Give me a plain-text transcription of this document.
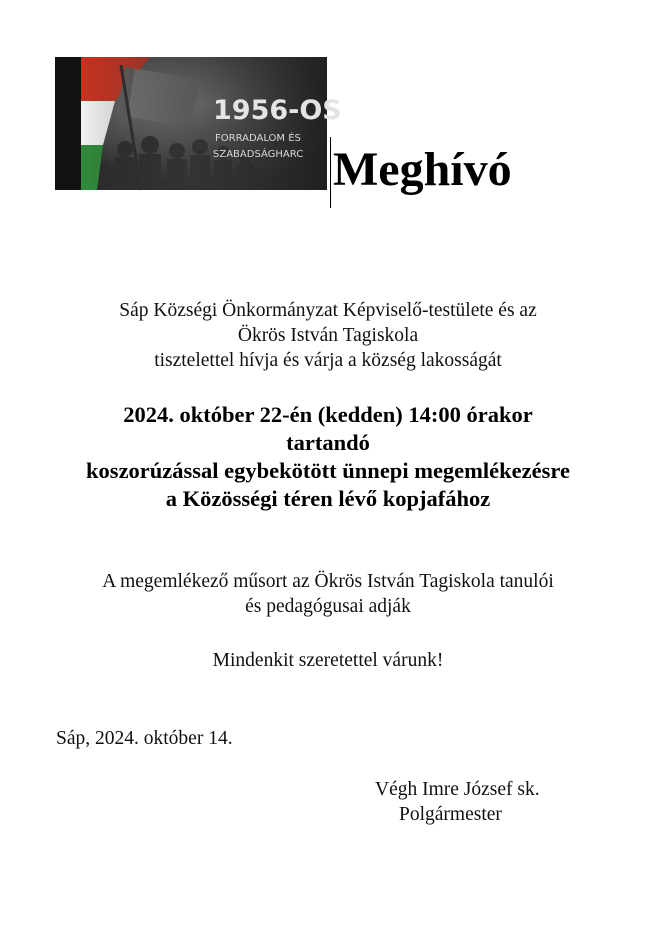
1956-OS
FORRADALOM ÉS
SZABADSÁGHARC Meghívó
Sáp Községi Önkormányzat Képviselő-testülete és az
Ökrös István Tagiskola
tisztelettel hívja és várja a község lakosságát
2024. október 22-én (kedden) 14:00 órakor
tartandó
koszorúzással egybekötött ünnepi megemlékezésre
a Közösségi téren lévő kopjafához
A megemlékező műsort az Ökrös István Tagiskola tanulói
és pedagógusai adják
Mindenkit szeretettel várunk!
Sáp, 2024. október 14.
Végh Imre József sk.
Polgármester
